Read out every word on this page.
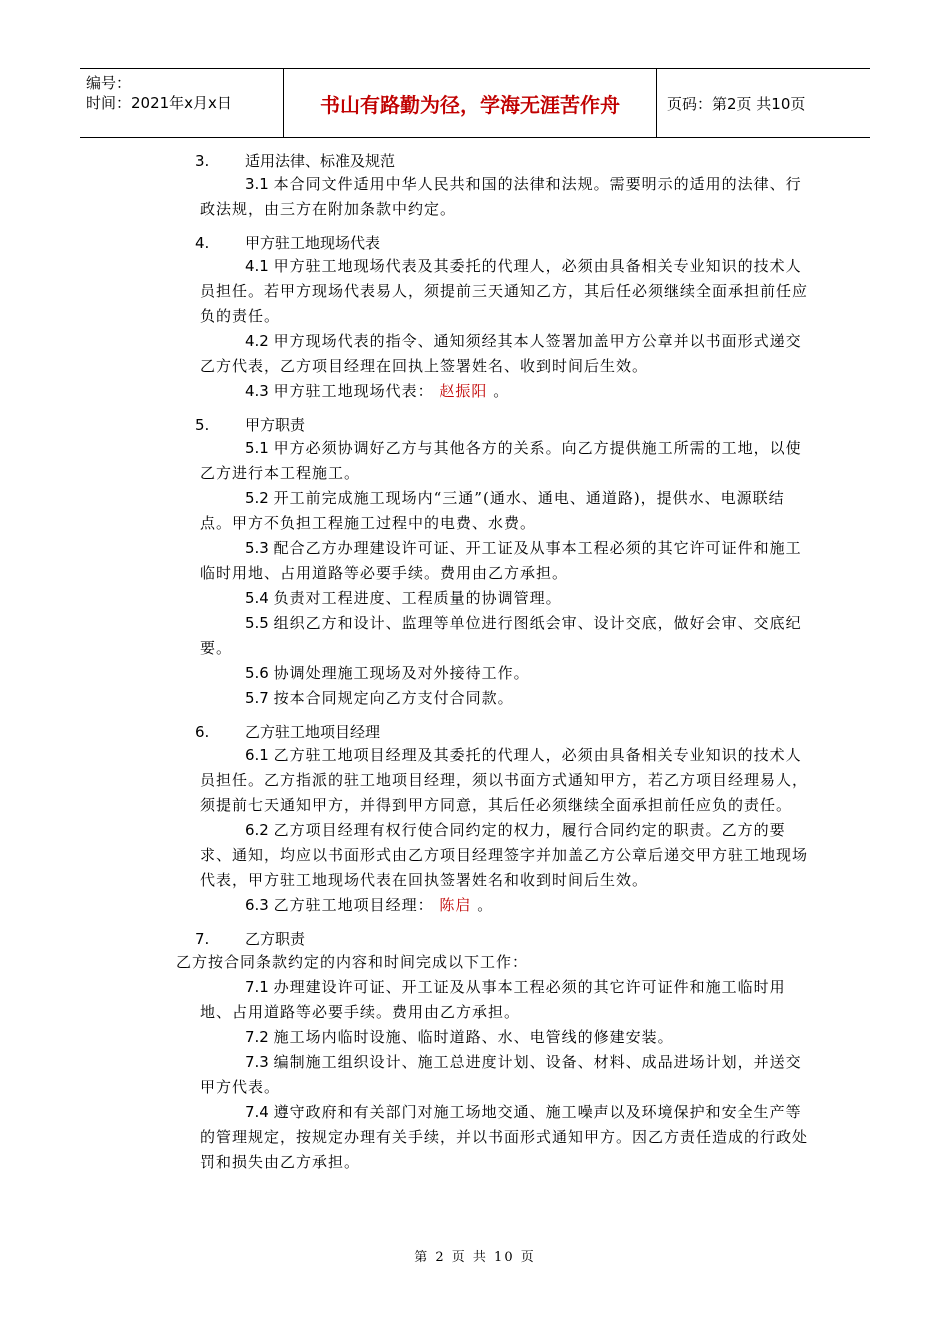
编号：
时间：2021年x月x日	书山有路勤为径，学海无涯苦作舟	页码：第2页 共10页
3.	适用法律、标准及规范

3.1 本合同文件适用中华人民共和国的法律和法规。需要明示的适用的法律、行政法规，由三方在附加条款中约定。

4.	甲方驻工地现场代表

4.1 甲方驻工地现场代表及其委托的代理人，必须由具备相关专业知识的技术人员担任。若甲方现场代表易人，须提前三天通知乙方，其后任必须继续全面承担前任应负的责任。

4.2 甲方现场代表的指令、通知须经其本人签署加盖甲方公章并以书面形式递交乙方代表，乙方项目经理在回执上签署姓名、收到时间后生效。

4.3 甲方驻工地现场代表： 赵振阳 。

5.	甲方职责

5.1 甲方必须协调好乙方与其他各方的关系。向乙方提供施工所需的工地，以使乙方进行本工程施工。

5.2 开工前完成施工现场内“三通”(通水、通电、通道路)，提供水、电源联结点。甲方不负担工程施工过程中的电费、水费。

5.3 配合乙方办理建设许可证、开工证及从事本工程必须的其它许可证件和施工临时用地、占用道路等必要手续。费用由乙方承担。

5.4 负责对工程进度、工程质量的协调管理。

5.5 组织乙方和设计、监理等单位进行图纸会审、设计交底，做好会审、交底纪要。

5.6 协调处理施工现场及对外接待工作。

5.7 按本合同规定向乙方支付合同款。

6.	乙方驻工地项目经理

6.1 乙方驻工地项目经理及其委托的代理人，必须由具备相关专业知识的技术人员担任。乙方指派的驻工地项目经理，须以书面方式通知甲方，若乙方项目经理易人，须提前七天通知甲方，并得到甲方同意，其后任必须继续全面承担前任应负的责任。

6.2 乙方项目经理有权行使合同约定的权力，履行合同约定的职责。乙方的要求、通知，均应以书面形式由乙方项目经理签字并加盖乙方公章后递交甲方驻工地现场代表，甲方驻工地现场代表在回执签署姓名和收到时间后生效。

6.3 乙方驻工地项目经理： 陈启 。

7.	乙方职责
乙方按合同条款约定的内容和时间完成以下工作：

7.1 办理建设许可证、开工证及从事本工程必须的其它许可证件和施工临时用地、占用道路等必要手续。费用由乙方承担。

7.2 施工场内临时设施、临时道路、水、电管线的修建安装。

7.3 编制施工组织设计、施工总进度计划、设备、材料、成品进场计划，并送交甲方代表。

7.4 遵守政府和有关部门对施工场地交通、施工噪声以及环境保护和安全生产等的管理规定，按规定办理有关手续，并以书面形式通知甲方。因乙方责任造成的行政处罚和损失由乙方承担。

第 2 页 共 10 页
